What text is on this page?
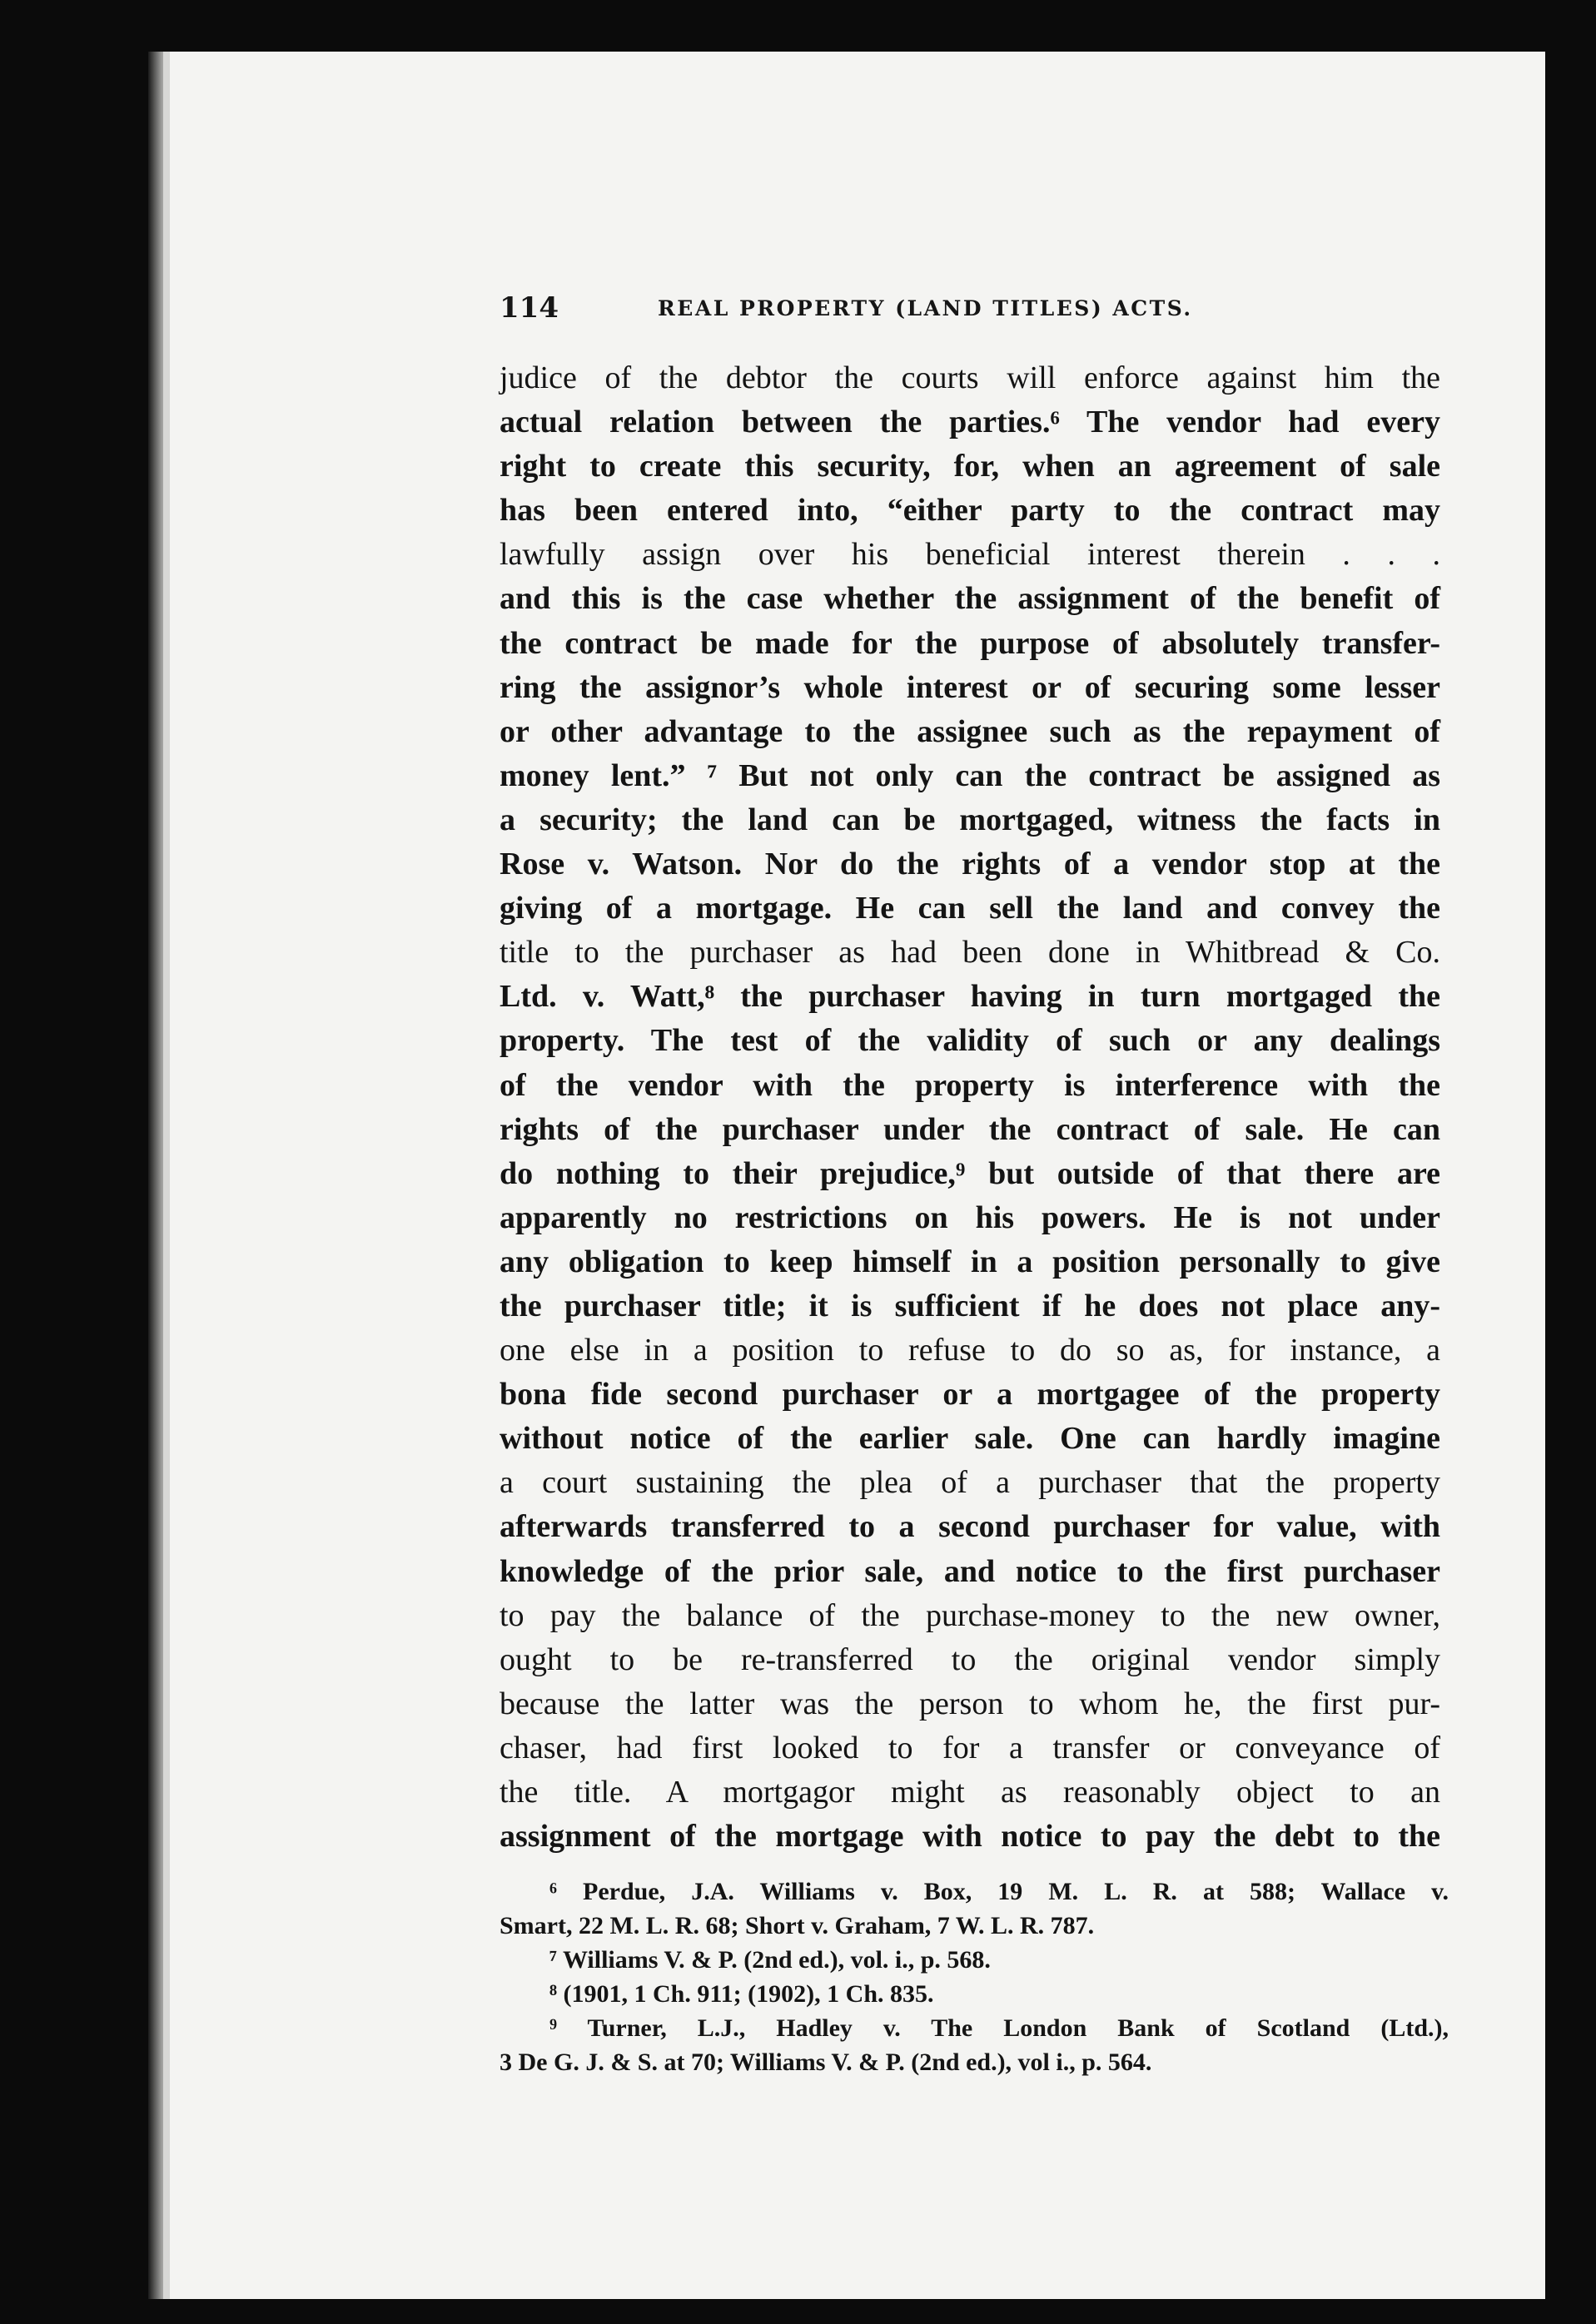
114	REAL PROPERTY (LAND TITLES) ACTS.
judice of the debtor the courts will enforce against him the
actual relation between the parties.⁶ The vendor had every
right to create this security, for, when an agreement of sale
has been entered into, “either party to the contract may
lawfully assign over his beneficial interest therein . . .
and this is the case whether the assignment of the benefit of
the contract be made for the purpose of absolutely transfer-
ring the assignor’s whole interest or of securing some lesser
or other advantage to the assignee such as the repayment of
money lent.” ⁷ But not only can the contract be assigned as
a security; the land can be mortgaged, witness the facts in
Rose v. Watson. Nor do the rights of a vendor stop at the
giving of a mortgage. He can sell the land and convey the
title to the purchaser as had been done in Whitbread & Co.
Ltd. v. Watt,⁸ the purchaser having in turn mortgaged the
property. The test of the validity of such or any dealings
of the vendor with the property is interference with the
rights of the purchaser under the contract of sale. He can
do nothing to their prejudice,⁹ but outside of that there are
apparently no restrictions on his powers. He is not under
any obligation to keep himself in a position personally to give
the purchaser title; it is sufficient if he does not place any-
one else in a position to refuse to do so as, for instance, a
bona fide second purchaser or a mortgagee of the property
without notice of the earlier sale. One can hardly imagine
a court sustaining the plea of a purchaser that the property
afterwards transferred to a second purchaser for value, with
knowledge of the prior sale, and notice to the first purchaser
to pay the balance of the purchase-money to the new owner,
ought to be re-transferred to the original vendor simply
because the latter was the person to whom he, the first pur-
chaser, had first looked to for a transfer or conveyance of
the title. A mortgagor might as reasonably object to an
assignment of the mortgage with notice to pay the debt to the
⁶ Perdue, J.A. Williams v. Box, 19 M. L. R. at 588; Wallace v.
Smart, 22 M. L. R. 68; Short v. Graham, 7 W. L. R. 787.
⁷ Williams V. & P. (2nd ed.), vol. i., p. 568.
⁸ (1901, 1 Ch. 911; (1902), 1 Ch. 835.
⁹ Turner, L.J., Hadley v. The London Bank of Scotland (Ltd.),
3 De G. J. & S. at 70; Williams V. & P. (2nd ed.), vol i., p. 564.
